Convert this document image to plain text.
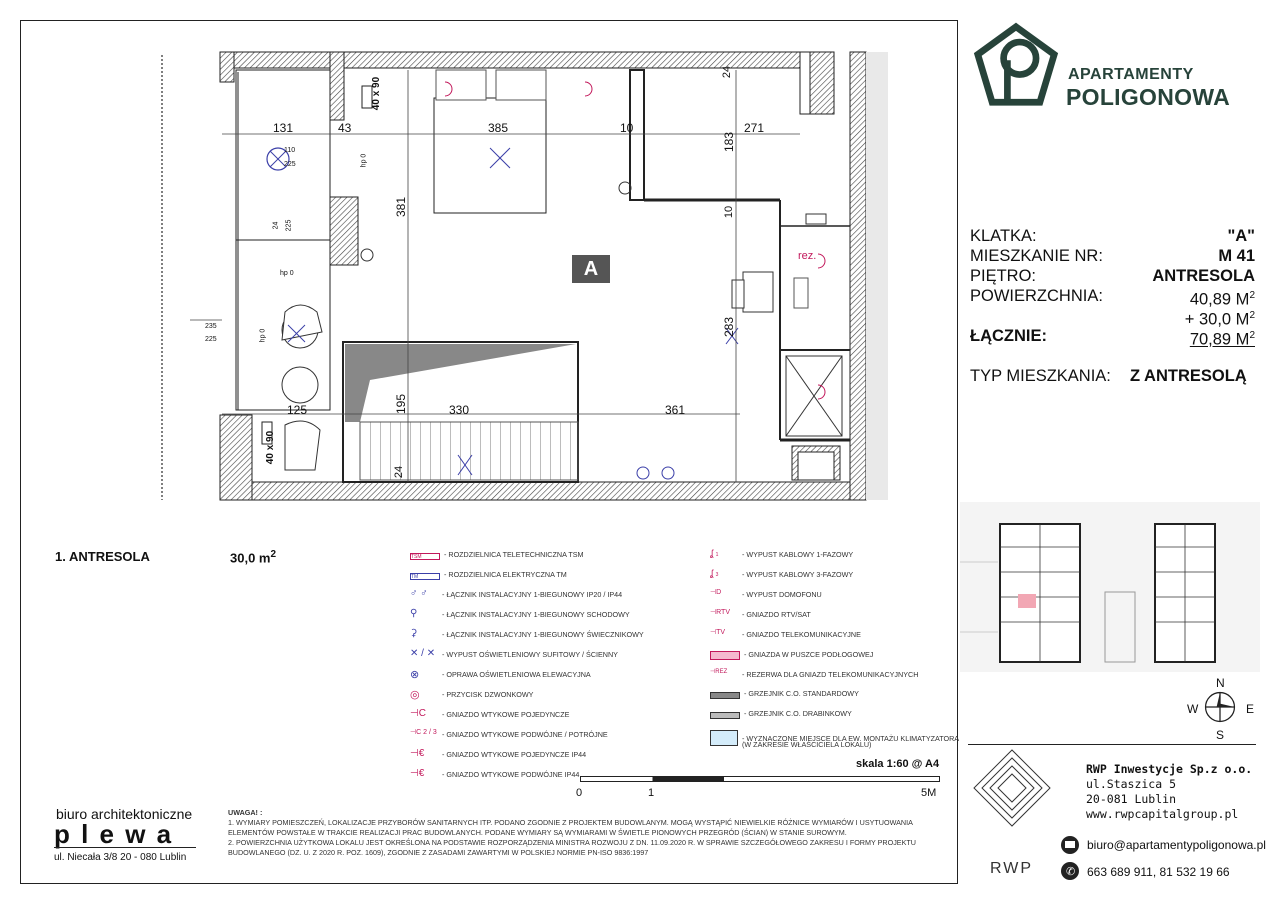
A
131	43	385	10	271
24
183
10
381
283
125	195	330	361
24
110
225
24 225
235
225
hp 0
hp 0
hp 0
40 x 90
40 x 90
rez.
1. ANTRESOLA	30,0 $m^2$	TSM	- ROZDZIELNICA TELETECHNICZNA TSM
TM	- ROZDZIELNICA ELEKTRYCZNA TM
♂ ♂	- ŁĄCZNIK INSTALACYJNY 1-BIEGUNOWY IP20 / IP44
⚲	- ŁĄCZNIK INSTALACYJNY 1-BIEGUNOWY SCHODOWY
⚳	- ŁĄCZNIK INSTALACYJNY 1-BIEGUNOWY ŚWIECZNIKOWY
✕ / ✕ - WYPUST OŚWIETLENIOWY SUFITOWY / ŚCIENNY
⊗	- OPRAWA OŚWIETLENIOWA ELEWACYJNA
◎	- PRZYCISK DZWONKOWY
⊣C	- GNIAZDO WTYKOWE POJEDYNCZE
⊣C 2 / 3 - GNIAZDO WTYKOWE PODWÓJNE / POTRÓJNE
⊣€	- GNIAZDO WTYKOWE POJEDYNCZE IP44
⊣€	- GNIAZDO WTYKOWE PODWÓJNE IP44
ʆ 1	- WYPUST KABLOWY 1-FAZOWY
ʆ 3	- WYPUST KABLOWY 3-FAZOWY
⊣D	- WYPUST DOMOFONU
⊣RTV	- GNIAZDO RTV/SAT
⊣TV	- GNIAZDO TELEKOMUNIKACYJNE
- GNIAZDA W PUSZCE PODŁOGOWEJ
⊣REZ	- REZERWA DLA GNIAZD TELEKOMUNIKACYJNYCH
- GRZEJNIK C.O. STANDARDOWY
- GRZEJNIK C.O. DRABINKOWY
- WYZNACZONE MIEJSCE DLA EW. MONTAŻU KLIMATYZATORA
(W ZAKRESIE WŁAŚCICIELA LOKALU)
skala 1:60 @ A4
0	1	5M
biuro architektoniczne
p l e w a
ul. Niecała 3/8 20 - 080 Lublin
UWAGA! :
1. WYMIARY POMIESZCZEŃ, LOKALIZACJE PRZYBORÓW SANITARNYCH ITP. PODANO ZGODNIE Z PROJEKTEM BUDOWLANYM. MOGĄ WYSTĄPIĆ NIEWIELKIE RÓŻNICE WYMIARÓW I USYTUOWANIA ELEMENTÓW POWSTAŁE W TRAKCIE REALIZACJI PRAC BUDOWLANYCH. PODANE WYMIARY SĄ WYMIARAMI W ŚWIETLE PIONOWYCH PRZEGRÓD (ŚCIAN) W STANIE SUROWYM.
2. POWIERZCHNIA UŻYTKOWA LOKALU JEST OKREŚLONA NA PODSTAWIE ROZPORZĄDZENIA MINISTRA ROZWOJU Z DN. 11.09.2020 R. W SPRAWIE SZCZEGÓŁOWEGO ZAKRESU I FORMY PROJEKTU BUDOWLANEGO (DZ. U. Z 2020 R. POZ. 1609), ZGODNIE Z ZASADAMI ZAWARTYMI W POLSKIEJ NORMIE PN-ISO 9836:1997
APARTAMENTY
POLIGONOWA
KLATKA:	"A"
MIESZKANIE NR:	M 41
PIĘTRO:	ANTRESOLA
POWIERZCHNIA:	40,89 $M^2$
+ 30,0 $M^2$
ŁĄCZNIE:	70,89 $M^2$
TYP MIESZKANIA: Z ANTRESOLĄ
N
S
W	E
RWP
RWP Inwestycje Sp.z o.o.
ul.Staszica 5
20-081 Lublin
www.rwpcapitalgroup.pl
biuro@apartamentypoligonowa.pl
✆ 663 689 911, 81 532 19 66
